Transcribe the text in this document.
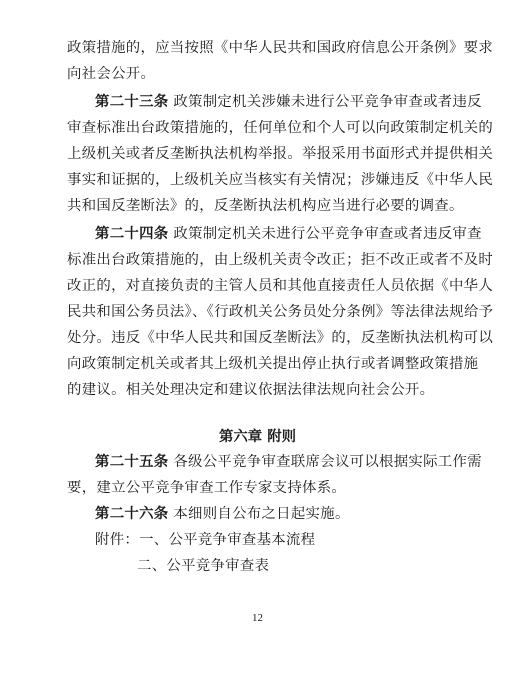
政策措施的，应当按照《中华人民共和国政府信息公开条例》要求
向社会公开。
第二十三条 政策制定机关涉嫌未进行公平竞争审查或者违反
审查标准出台政策措施的，任何单位和个人可以向政策制定机关的
上级机关或者反垄断执法机构举报。举报采用书面形式并提供相关
事实和证据的，上级机关应当核实有关情况；涉嫌违反《中华人民
共和国反垄断法》的，反垄断执法机构应当进行必要的调查。
第二十四条 政策制定机关未进行公平竞争审查或者违反审查
标准出台政策措施的，由上级机关责令改正；拒不改正或者不及时
改正的，对直接负责的主管人员和其他直接责任人员依据《中华人
民共和国公务员法》、《行政机关公务员处分条例》等法律法规给予
处分。违反《中华人民共和国反垄断法》的，反垄断执法机构可以
向政策制定机关或者其上级机关提出停止执行或者调整政策措施
的建议。相关处理决定和建议依据法律法规向社会公开。
第六章 附则
第二十五条 各级公平竞争审查联席会议可以根据实际工作需
要，建立公平竞争审查工作专家支持体系。
第二十六条 本细则自公布之日起实施。
附件：一、公平竞争审查基本流程
二、公平竞争审查表
12
